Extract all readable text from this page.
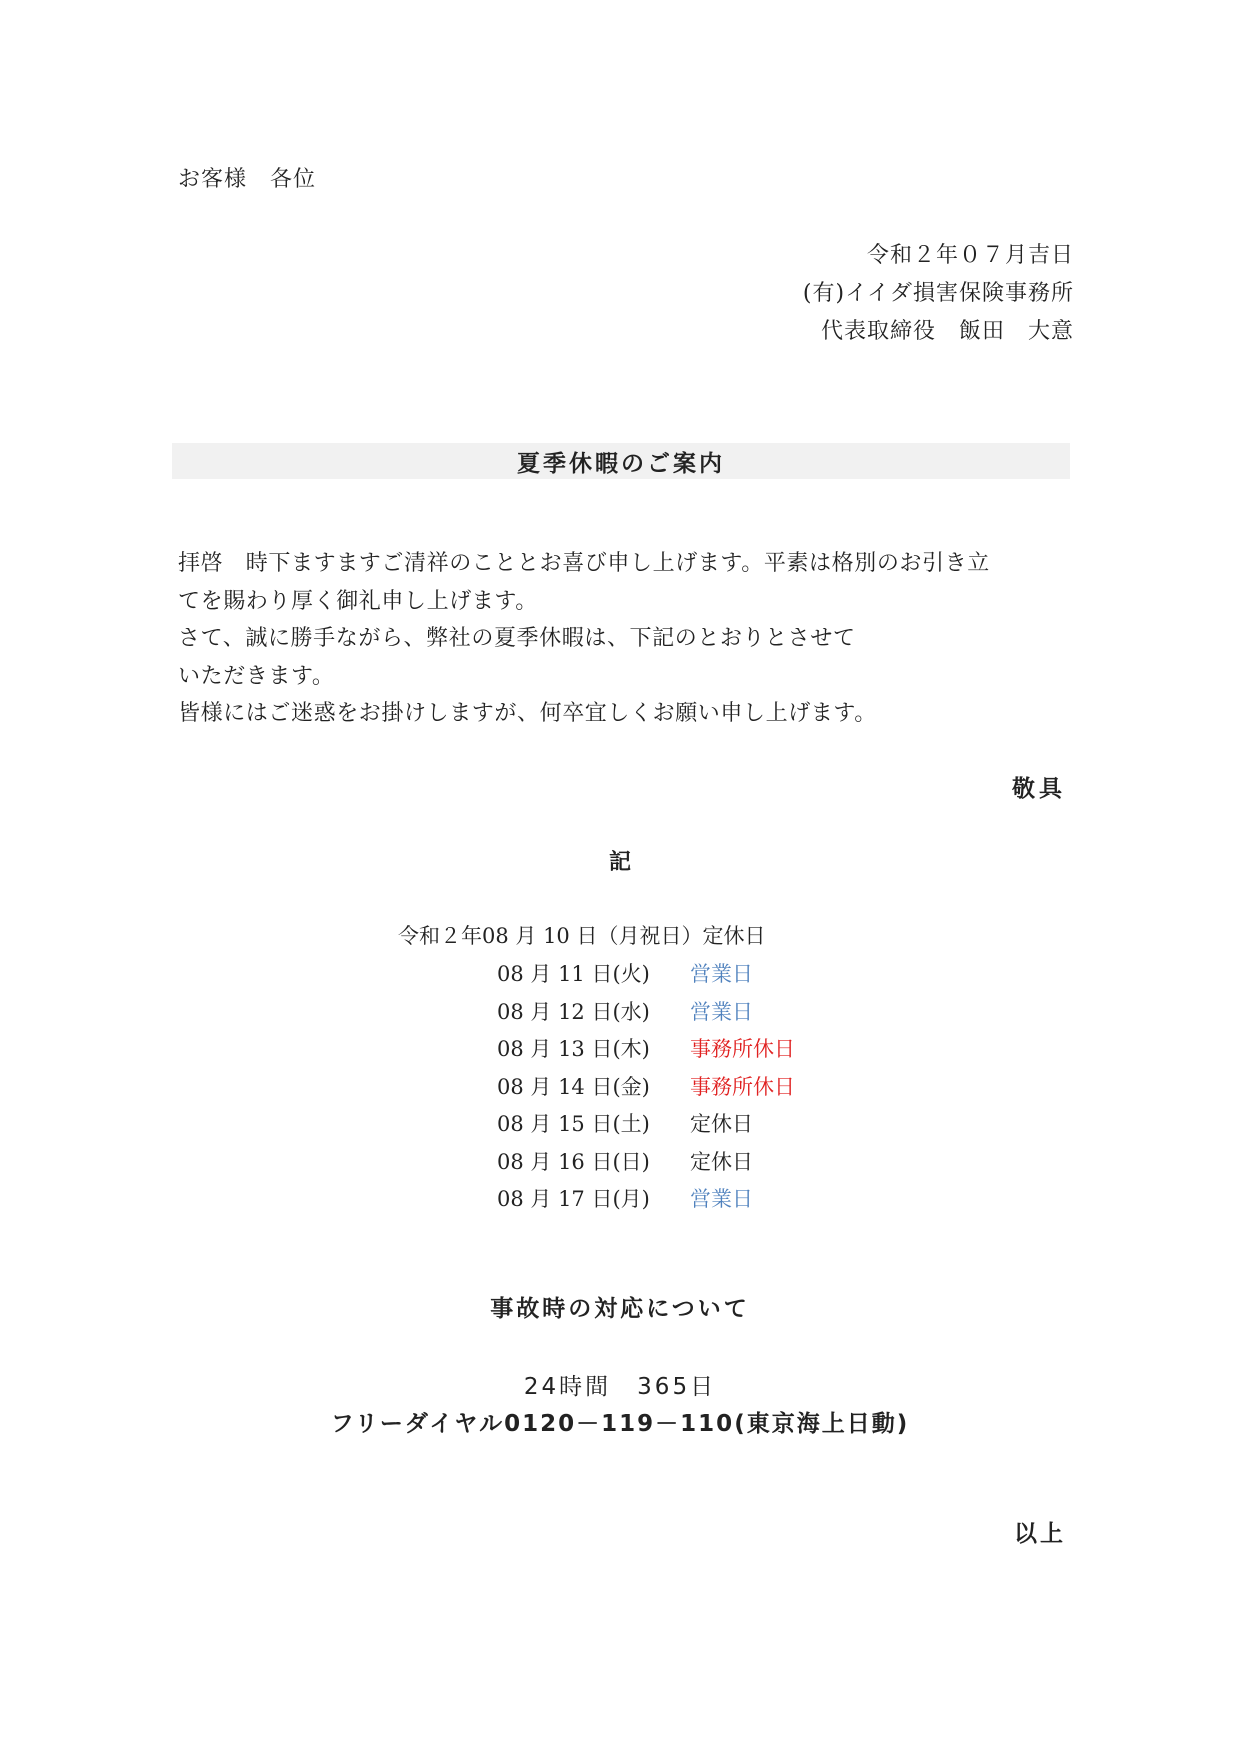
お客様　各位
令和２年０７月吉日
(有)イイダ損害保険事務所
代表取締役　飯田　大意
夏季休暇のご案内
拝啓　時下ますますご清祥のこととお喜び申し上げます。平素は格別のお引き立
てを賜わり厚く御礼申し上げます。
さて、誠に勝手ながら、弊社の夏季休暇は、下記のとおりとさせて
いただきます。
皆様にはご迷惑をお掛けしますが、何卒宜しくお願い申し上げます。
敬具
記
令和２年08 月 10 日（月祝日）定休日
08 月 11 日(火) 営業日
08 月 12 日(水) 営業日
08 月 13 日(木) 事務所休日
08 月 14 日(金) 事務所休日
08 月 15 日(土) 定休日
08 月 16 日(日) 定休日
08 月 17 日(月) 営業日
事故時の対応について
24時間　365日
フリーダイヤル0120－119－110(東京海上日動)
以上
